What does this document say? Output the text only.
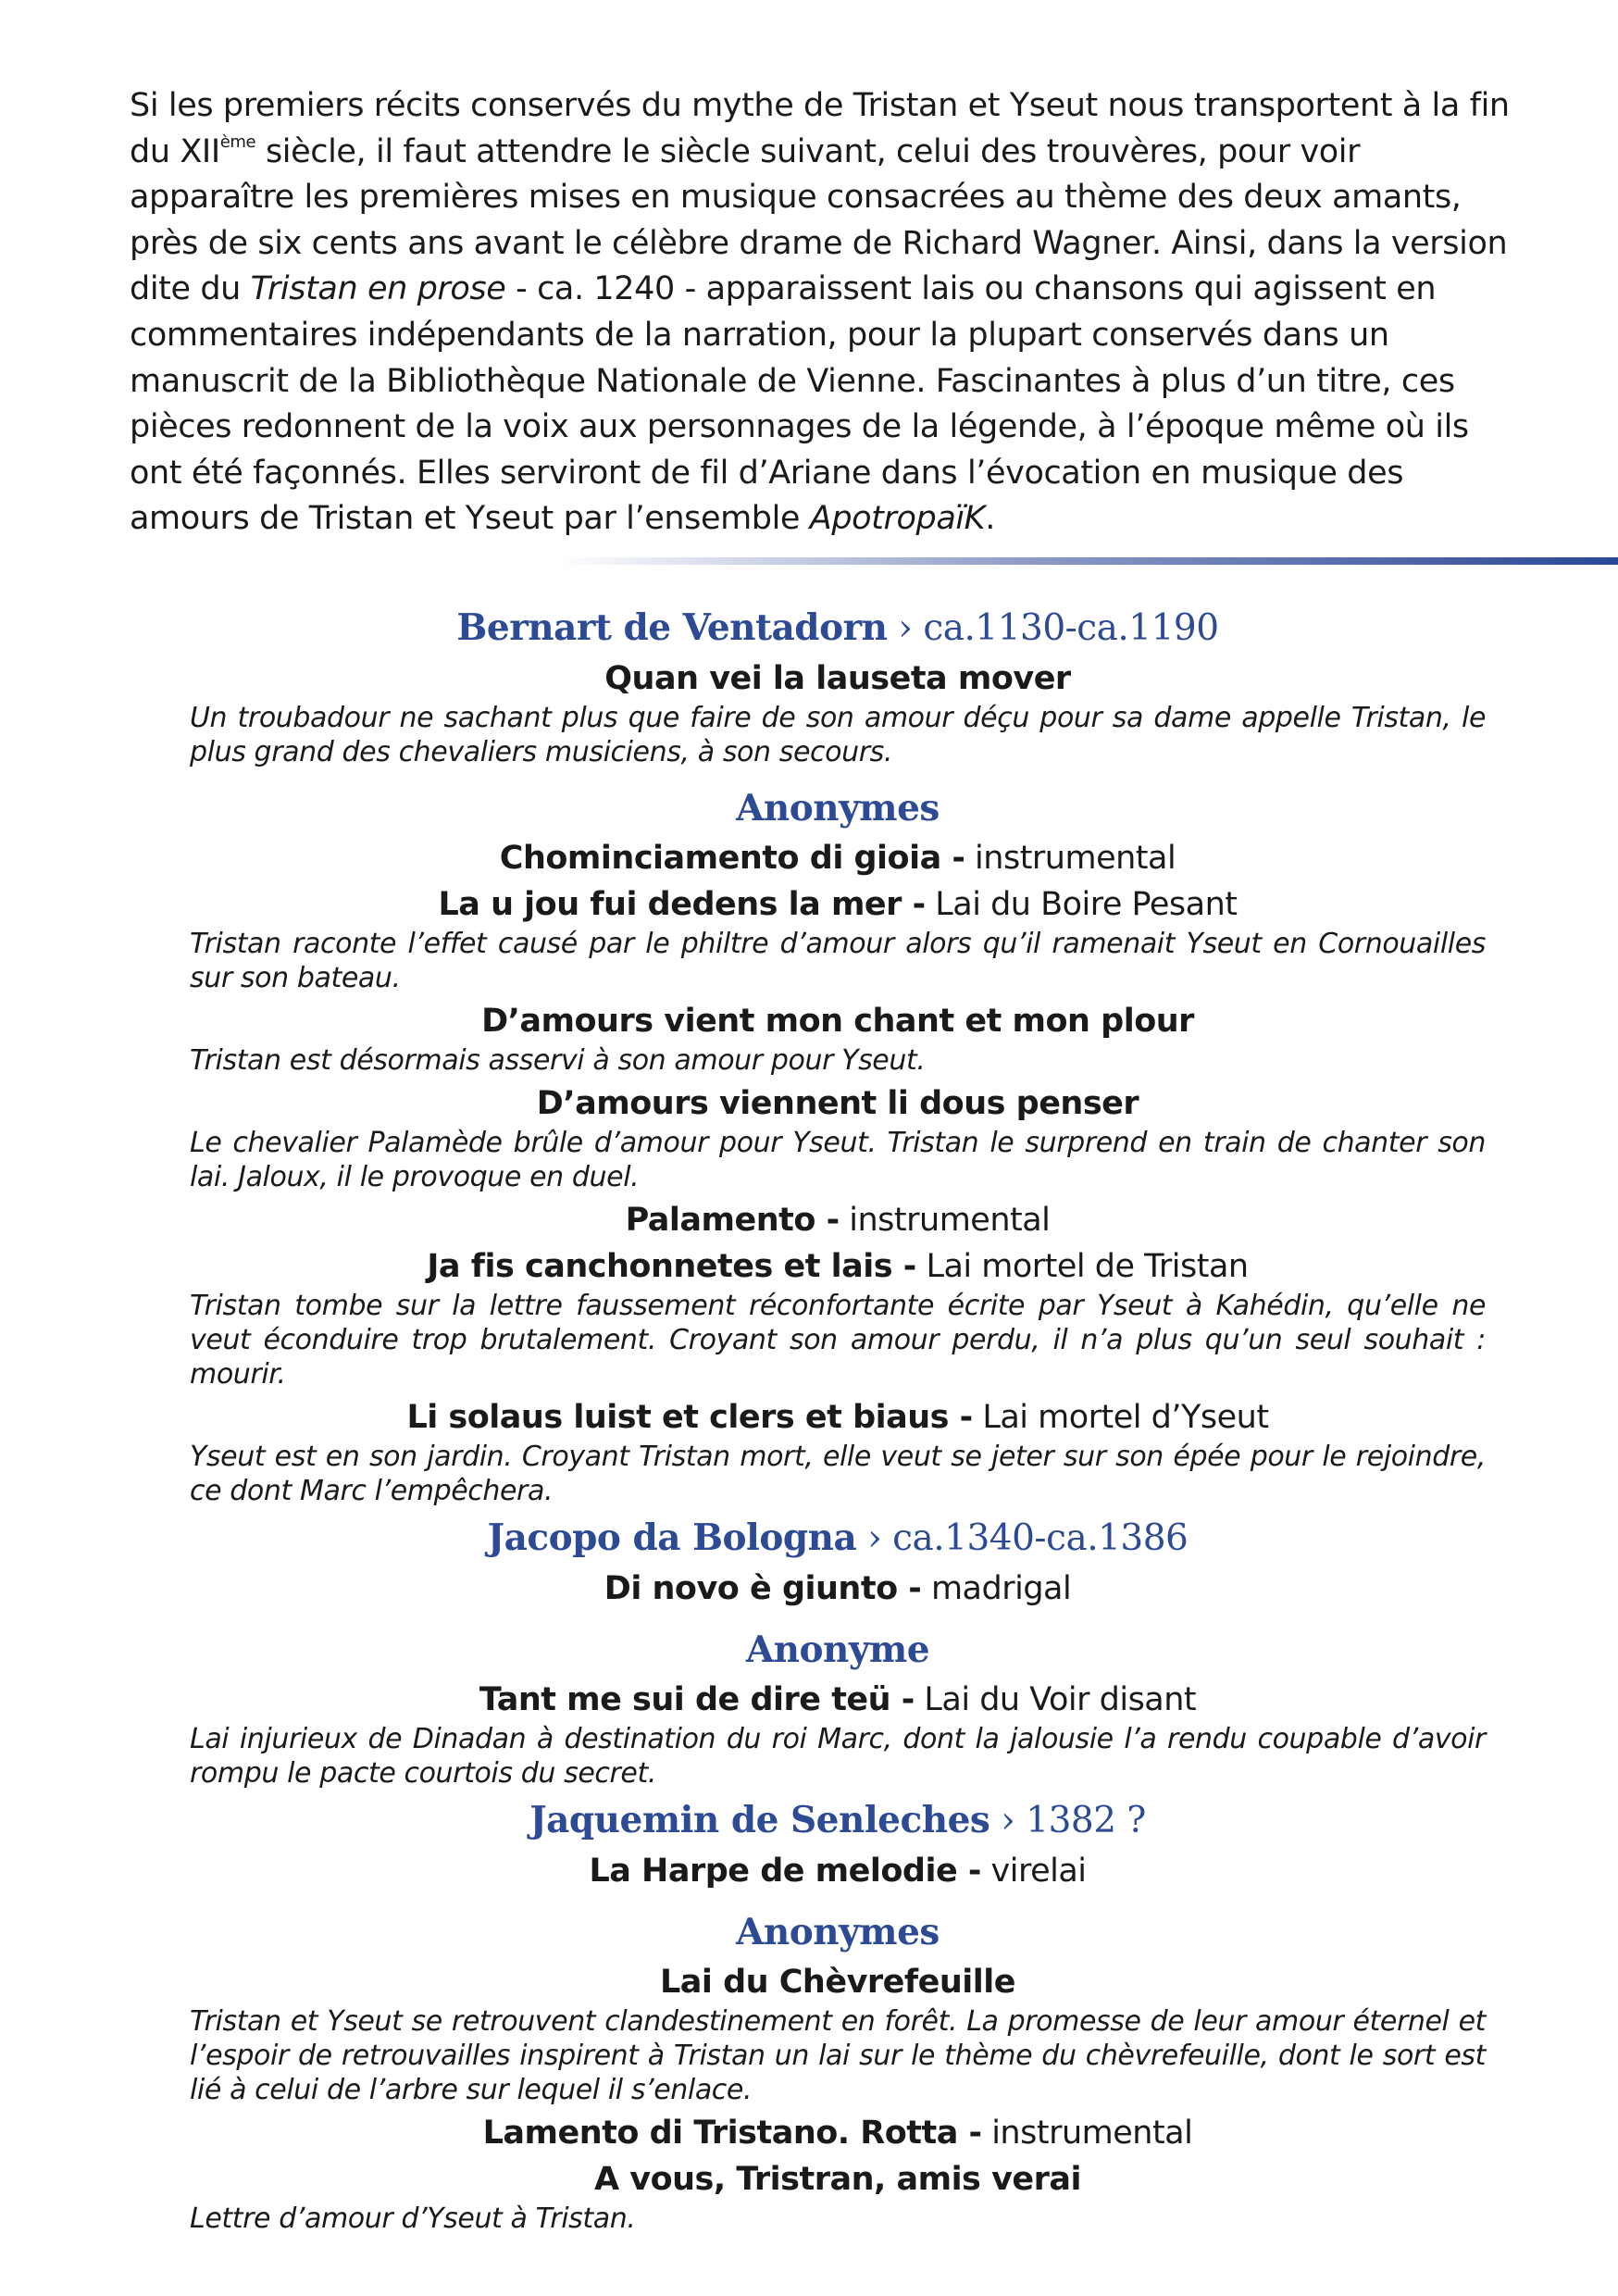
Si les premiers récits conservés du mythe de Tristan et Yseut nous transportent à la fin du XIIème siècle, il faut attendre le siècle suivant, celui des trouvères, pour voir apparaître les premières mises en musique consacrées au thème des deux amants, près de six cents ans avant le célèbre drame de Richard Wagner. Ainsi, dans la version dite du Tristan en prose - ca. 1240 - apparaissent lais ou chansons qui agissent en commentaires indépendants de la narration, pour la plupart conservés dans un manuscrit de la Bibliothèque Nationale de Vienne. Fascinantes à plus d’un titre, ces pièces redonnent de la voix aux personnages de la légende, à l’époque même où ils ont été façonnés. Elles serviront de fil d’Ariane dans l’évocation en musique des amours de Tristan et Yseut par l’ensemble ApotropaïK.
Bernart de Ventadorn › ca.1130-ca.1190
Quan vei la lauseta mover

Un troubadour ne sachant plus que faire de son amour déçu pour sa dame appelle Tristan, le plus grand des chevaliers musiciens, à son secours.

Anonymes
Chominciamento di gioia - instrumental
La u jou fui dedens la mer - Lai du Boire Pesant

Tristan raconte l’effet causé par le philtre d’amour alors qu’il ramenait Yseut en Cornouailles sur son bateau.

D’amours vient mon chant et mon plour

Tristan est désormais asservi à son amour pour Yseut.

D’amours viennent li dous penser

Le chevalier Palamède brûle d’amour pour Yseut. Tristan le surprend en train de chanter son lai. Jaloux, il le provoque en duel.

Palamento - instrumental
Ja fis canchonnetes et lais - Lai mortel de Tristan

Tristan tombe sur la lettre faussement réconfortante écrite par Yseut à Kahédin, qu’elle ne veut éconduire trop brutalement. Croyant son amour perdu, il n’a plus qu’un seul souhait : mourir.

Li solaus luist et clers et biaus - Lai mortel d’Yseut

Yseut est en son jardin. Croyant Tristan mort, elle veut se jeter sur son épée pour le rejoindre, ce dont Marc l’empêchera.

Jacopo da Bologna › ca.1340-ca.1386
Di novo è giunto - madrigal
Anonyme
Tant me sui de dire teü - Lai du Voir disant

Lai injurieux de Dinadan à destination du roi Marc, dont la jalousie l’a rendu coupable d’avoir rompu le pacte courtois du secret.

Jaquemin de Senleches › 1382 ?
La Harpe de melodie - virelai
Anonymes
Lai du Chèvrefeuille

Tristan et Yseut se retrouvent clandestinement en forêt. La promesse de leur amour éternel et l’espoir de retrouvailles inspirent à Tristan un lai sur le thème du chèvrefeuille, dont le sort est lié à celui de l’arbre sur lequel il s’enlace.

Lamento di Tristano. Rotta - instrumental
A vous, Tristran, amis verai

Lettre d’amour d’Yseut à Tristan.
